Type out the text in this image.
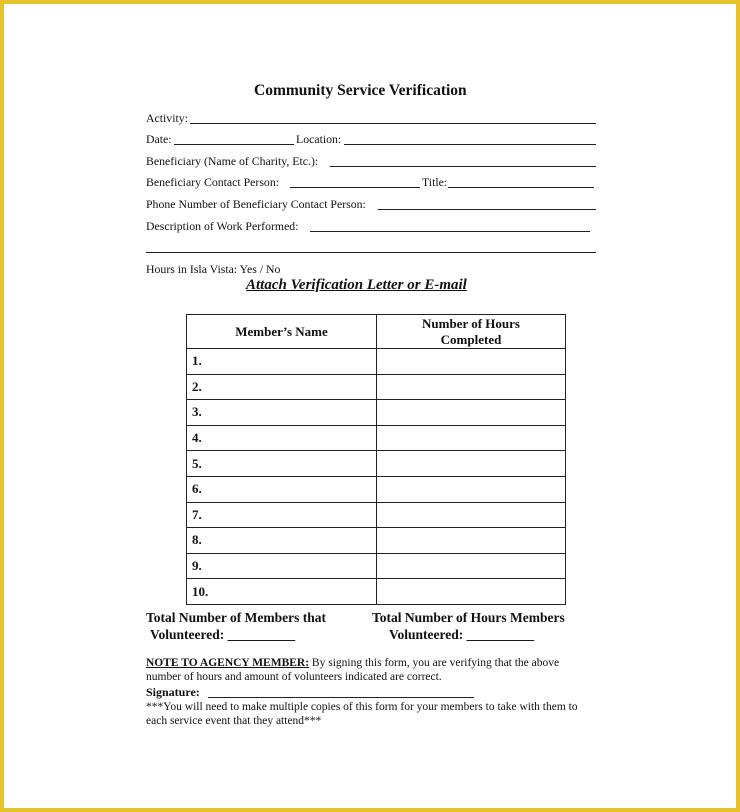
Community Service Verification
Activity:
Date:	Location:
Beneficiary (Name of Charity, Etc.):
Beneficiary Contact Person:	Title:
Phone Number of Beneficiary Contact Person:
Description of Work Performed:
Hours in Isla Vista: Yes / No
Attach Verification Letter or E-mail
Member’s Name	Number of Hours
Completed
1.	
2.	
3.	
4.	
5.	
6.	
7.	
8.	
9.	
10.	
Total Number of Members that
Volunteered: __________
Total Number of Hours Members
Volunteered: __________
NOTE TO AGENCY MEMBER: By signing this form, you are verifying that the above number of hours and amount of volunteers indicated are correct.
Signature:
***You will need to make multiple copies of this form for your members to take with them to each service event that they attend***
